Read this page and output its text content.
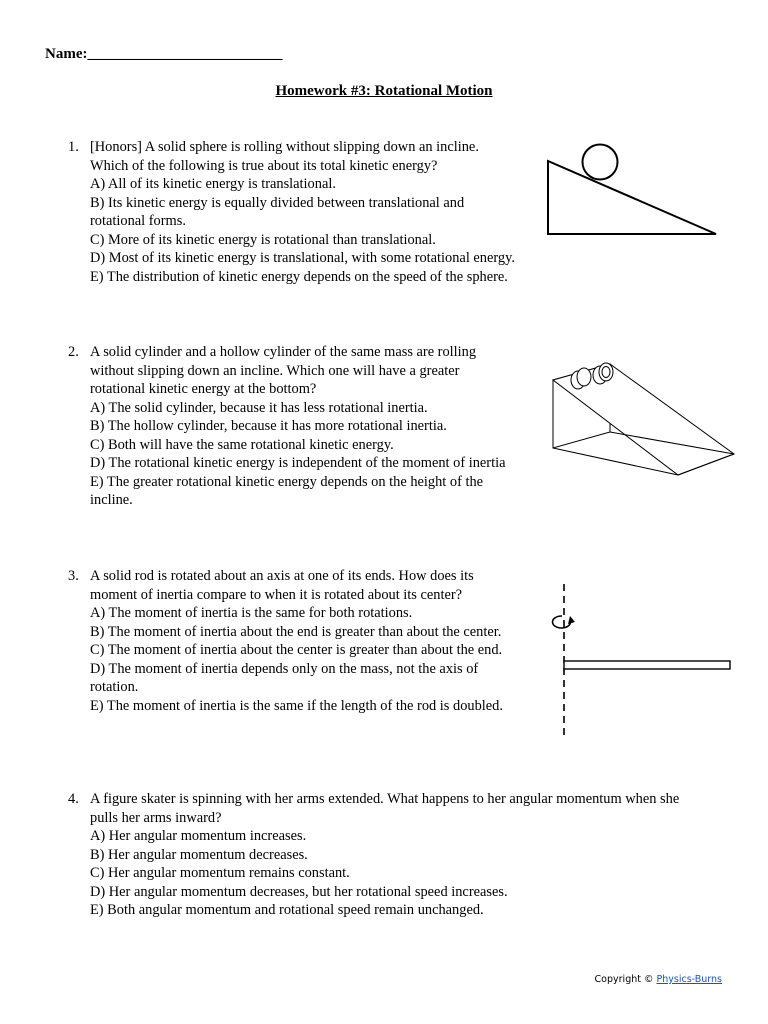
Name:__________________________
Homework #3: Rotational Motion
1. [Honors] A solid sphere is rolling without slipping down an incline.
Which of the following is true about its total kinetic energy?
A) All of its kinetic energy is translational.
B) Its kinetic energy is equally divided between translational and
rotational forms.
C) More of its kinetic energy is rotational than translational.
D) Most of its kinetic energy is translational, with some rotational energy.
E) The distribution of kinetic energy depends on the speed of the sphere.
2. A solid cylinder and a hollow cylinder of the same mass are rolling
without slipping down an incline. Which one will have a greater
rotational kinetic energy at the bottom?
A) The solid cylinder, because it has less rotational inertia.
B) The hollow cylinder, because it has more rotational inertia.
C) Both will have the same rotational kinetic energy.
D) The rotational kinetic energy is independent of the moment of inertia
E) The greater rotational kinetic energy depends on the height of the
incline.
3. A solid rod is rotated about an axis at one of its ends. How does its
moment of inertia compare to when it is rotated about its center?
A) The moment of inertia is the same for both rotations.
B) The moment of inertia about the end is greater than about the center.
C) The moment of inertia about the center is greater than about the end.
D) The moment of inertia depends only on the mass, not the axis of
rotation.
E) The moment of inertia is the same if the length of the rod is doubled.
4. A figure skater is spinning with her arms extended. What happens to her angular momentum when she
pulls her arms inward?
A) Her angular momentum increases.
B) Her angular momentum decreases.
C) Her angular momentum remains constant.
D) Her angular momentum decreases, but her rotational speed increases.
E) Both angular momentum and rotational speed remain unchanged.
Copyright © Physics-Burns
